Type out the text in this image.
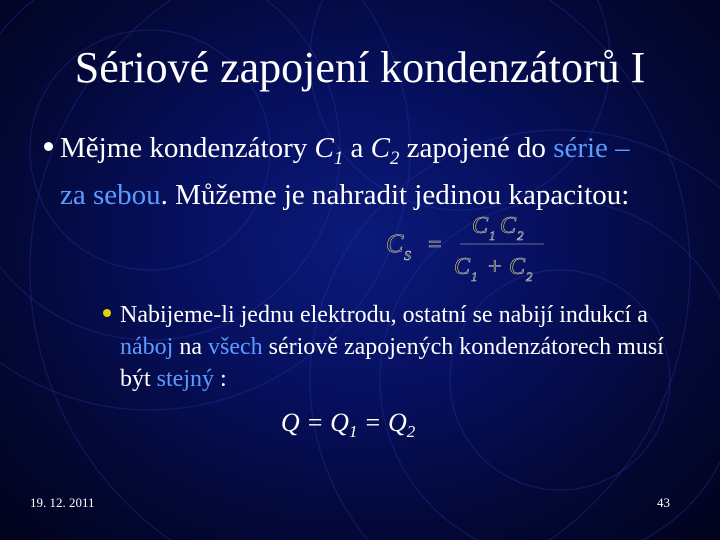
Sériové zapojení kondenzátorů I
Mějme kondenzátory $C_1$ a $C_2$ zapojené do série – za sebou. Můžeme je nahradit jedinou kapacitou:
C S =
C 1 C 2
C 1 + C 2
Nabijeme-li jednu elektrodu, ostatní se nabijí indukcí a náboj na všech sériově zapojených kondenzátorech musí být stejný :
$Q = Q_1 = Q_2$
19. 12. 2011	43
